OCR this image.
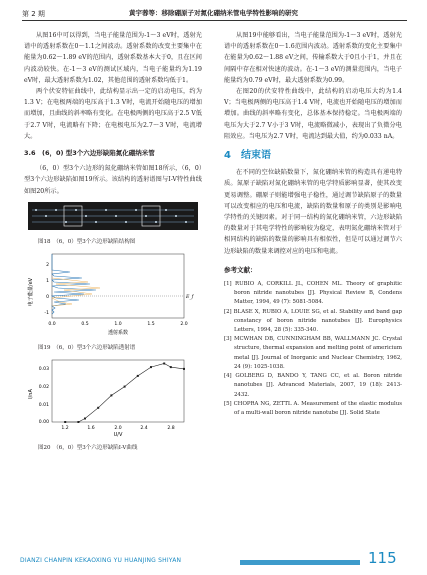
第 2 期	黄宇蓉等：移除硼原子对氮化硼纳米管电学特性影响的研究

从图16中可以得到，当电子能量范围为-1～3 eV时，透射光谱中的透射系数在0～1.1之间波动。透射系数的改变主要集中在能量为0.62～1.89 eV的范围内，透射系数基本大于0，且在区间内波动较快。在-1～3 eV的测试区域内，当电子能量约为1.19 eV时，最大透射系数为1.02，其他范围的透射系数均低于1。

两个伏安特征曲线中，此结构显示出一定的启动电压，约为1.3 V；在电极两端的电压高于1.3 V时，电流开始随电压的增加而增加，且曲线的斜率略有变化。在电极两侧的电压高于2.5 V低于2.7 V时，电流略有下降；在电极电压为2.7～3 V时，电流增大。

3.6　(6，0) 型3个六边形缺陷氮化硼纳米管

（6，0）型3个六边形的氮化硼纳米管如图18所示，（6，0）型3个六边形缺陷如图19所示。该结构的透射谱图与I-V特性曲线如图20所示。

图18　（6，0）型3个六边形缺陷结构图
电子能量/eV
2
1
0
-1
E_f
0.0	0.5	1.0	1.5	2.0
透射系数
图19　（6，0）型3个六边形缺陷透射谱
I/nA
0.03
0.02
0.01
0.00
1.2	1.6	2.0	2.4	2.8
U/V
图20　（6，0）型3个六边形缺陷I-V曲线

从图19中能够看出，当电子能量范围为-1～3 eV时，透射光谱中的透射系数在0～1.6范围内波动。透射系数的变化主要集中在能量为0.62～1.88 eV之间，传输系数大于0且小于1，并且在间隔中存在相对快速的波动。在-1～3 eV的测量范围内，当电子能量约为0.79 eV时，最大透射系数为0.99。

在图20的伏安特性曲线中，此结构的启动电压大约为1.4 V；当电极两侧的电压高于1.4 V时，电流也开始随电压的增加而增加。曲线的斜率略有变化，总体基本保持稳定。当电极两端的电压为大于2.7 V小于3 V时，电流略微减小，表现出了负微分电阻效应。当电压为2.7 V时，电流达到最大值，约为0.033 nA。

4　结束语

在不同的空位缺陷数量下，氮化硼纳米管的构造具有递电特质。氮原子缺陷对氮化硼纳米管的电学特质影响显著，使其改变更易调整。硼原子则能增强电子稳性，通过调节缺陷原子的数量可以改变相应的电压和电流，缺陷的数量和原子的类别是影响电学特性的关键因素。对于同一结构的氮化硼纳米管，六边形缺陷的数量对于其电学特性的影响较为稳定，表明氮化硼纳米管对于相同结构的缺陷的数量的影响具有相似性，但是可以通过调节六边形缺陷的数量来调控对应的电压和电流。

参考文献：
[1] RUBIO A, CORKILL JL, COHEN ML. Theory of graphitic boron nitride nanotubes [J]. Physical Review B, Condens Matter, 1994, 49 (7): 5081-5084.
[2] BLASE X, RUBIO A, LOUIE SG, et al. Stability and band gap constancy of boron nitride nanotubes [J]. Europhysics Letters, 1994, 28 (5): 335-340.
[3] MCWHAN DB, CUNNINGHAM BB, WALLMANN JC. Crystal structure, thermal expansion and melting point of americium metal [J]. Journal of Inorganic and Nuclear Chemistry, 1962, 24 (9): 1025-1038.
[4] GOLBERG D, BANDO Y, TANG CC, et al. Boron nitride nanotubes [J]. Advanced Materials, 2007, 19 (18): 2413-2432.
[5] CHOPRA NG, ZETTL A. Measurement of the elastic modulus of a multi-wall boron nitride nanotube [J]. Solid State
DIANZI CHANPIN KEKAOXING YU HUANJING SHIYAN	115
